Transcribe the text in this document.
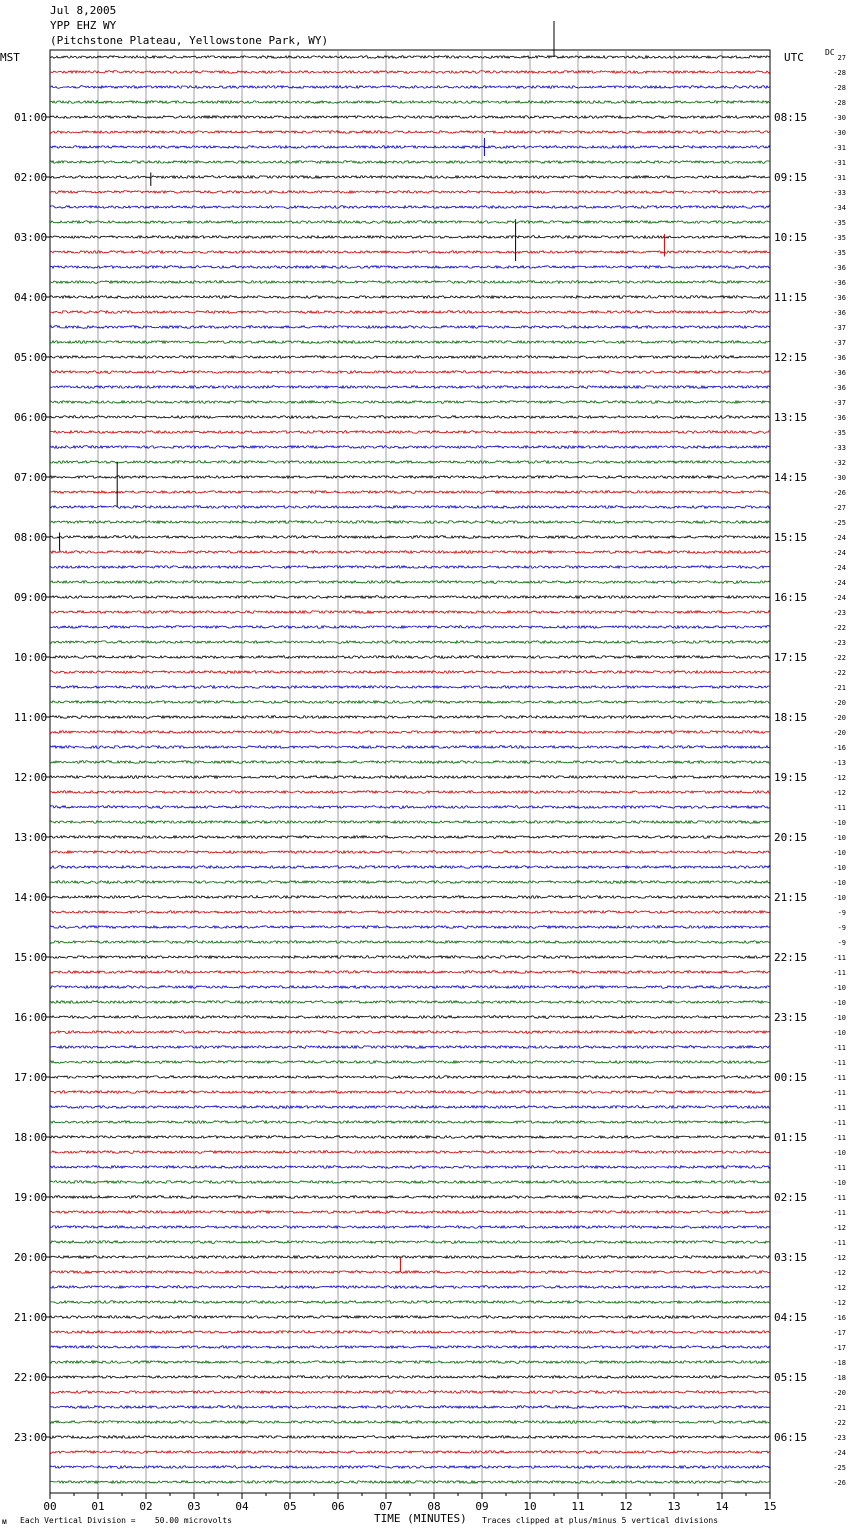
Jul 8,2005
YPP EHZ WY
(Pitchstone Plateau, Yellowstone Park, WY)
MST	UTC	DC
00	01	02	03	04	05	06	07	08	09	10	11	12	13	14	15
01:00
02:00
03:00
04:00
05:00
06:00
07:00
08:00
09:00
10:00
11:00
12:00
13:00
14:00
15:00
16:00
17:00
18:00
19:00
20:00
21:00
22:00
23:00
08:15
09:15
10:15
11:15
12:15
13:15
14:15
15:15
16:15
17:15
18:15
19:15
20:15
21:15
22:15
23:15
00:15
01:15
02:15
03:15
04:15
05:15
06:15
27
-28
-28
-28
-30
-30
-31
-31
-31
-33
-34
-35
-35
-35
-36
-36
-36
-36
-37
-37
-36
-36
-36
-37
-36
-35
-33
-32
-30
-26
-27
-25
-24
-24
-24
-24
-24
-23
-22
-23
-22
-22
-21
-20
-20
-20
-16
-13
-12
-12
-11
-10
-10
-10
-10
-10
-10
-9
-9
-9
-11
-11
-10
-10
-10
-10
-11
-11
-11
-11
-11
-11
-11
-10
-11
-10
-11
-11
-12
-11
-12
-12
-12
-12
-16
-17
-17
-18
-18
-20
-21
-22
-23
-24
-25
-26
ᴍ Each Vertical Division =    50.00 microvolts	TIME (MINUTES) Traces clipped at plus/minus 5 vertical divisions
